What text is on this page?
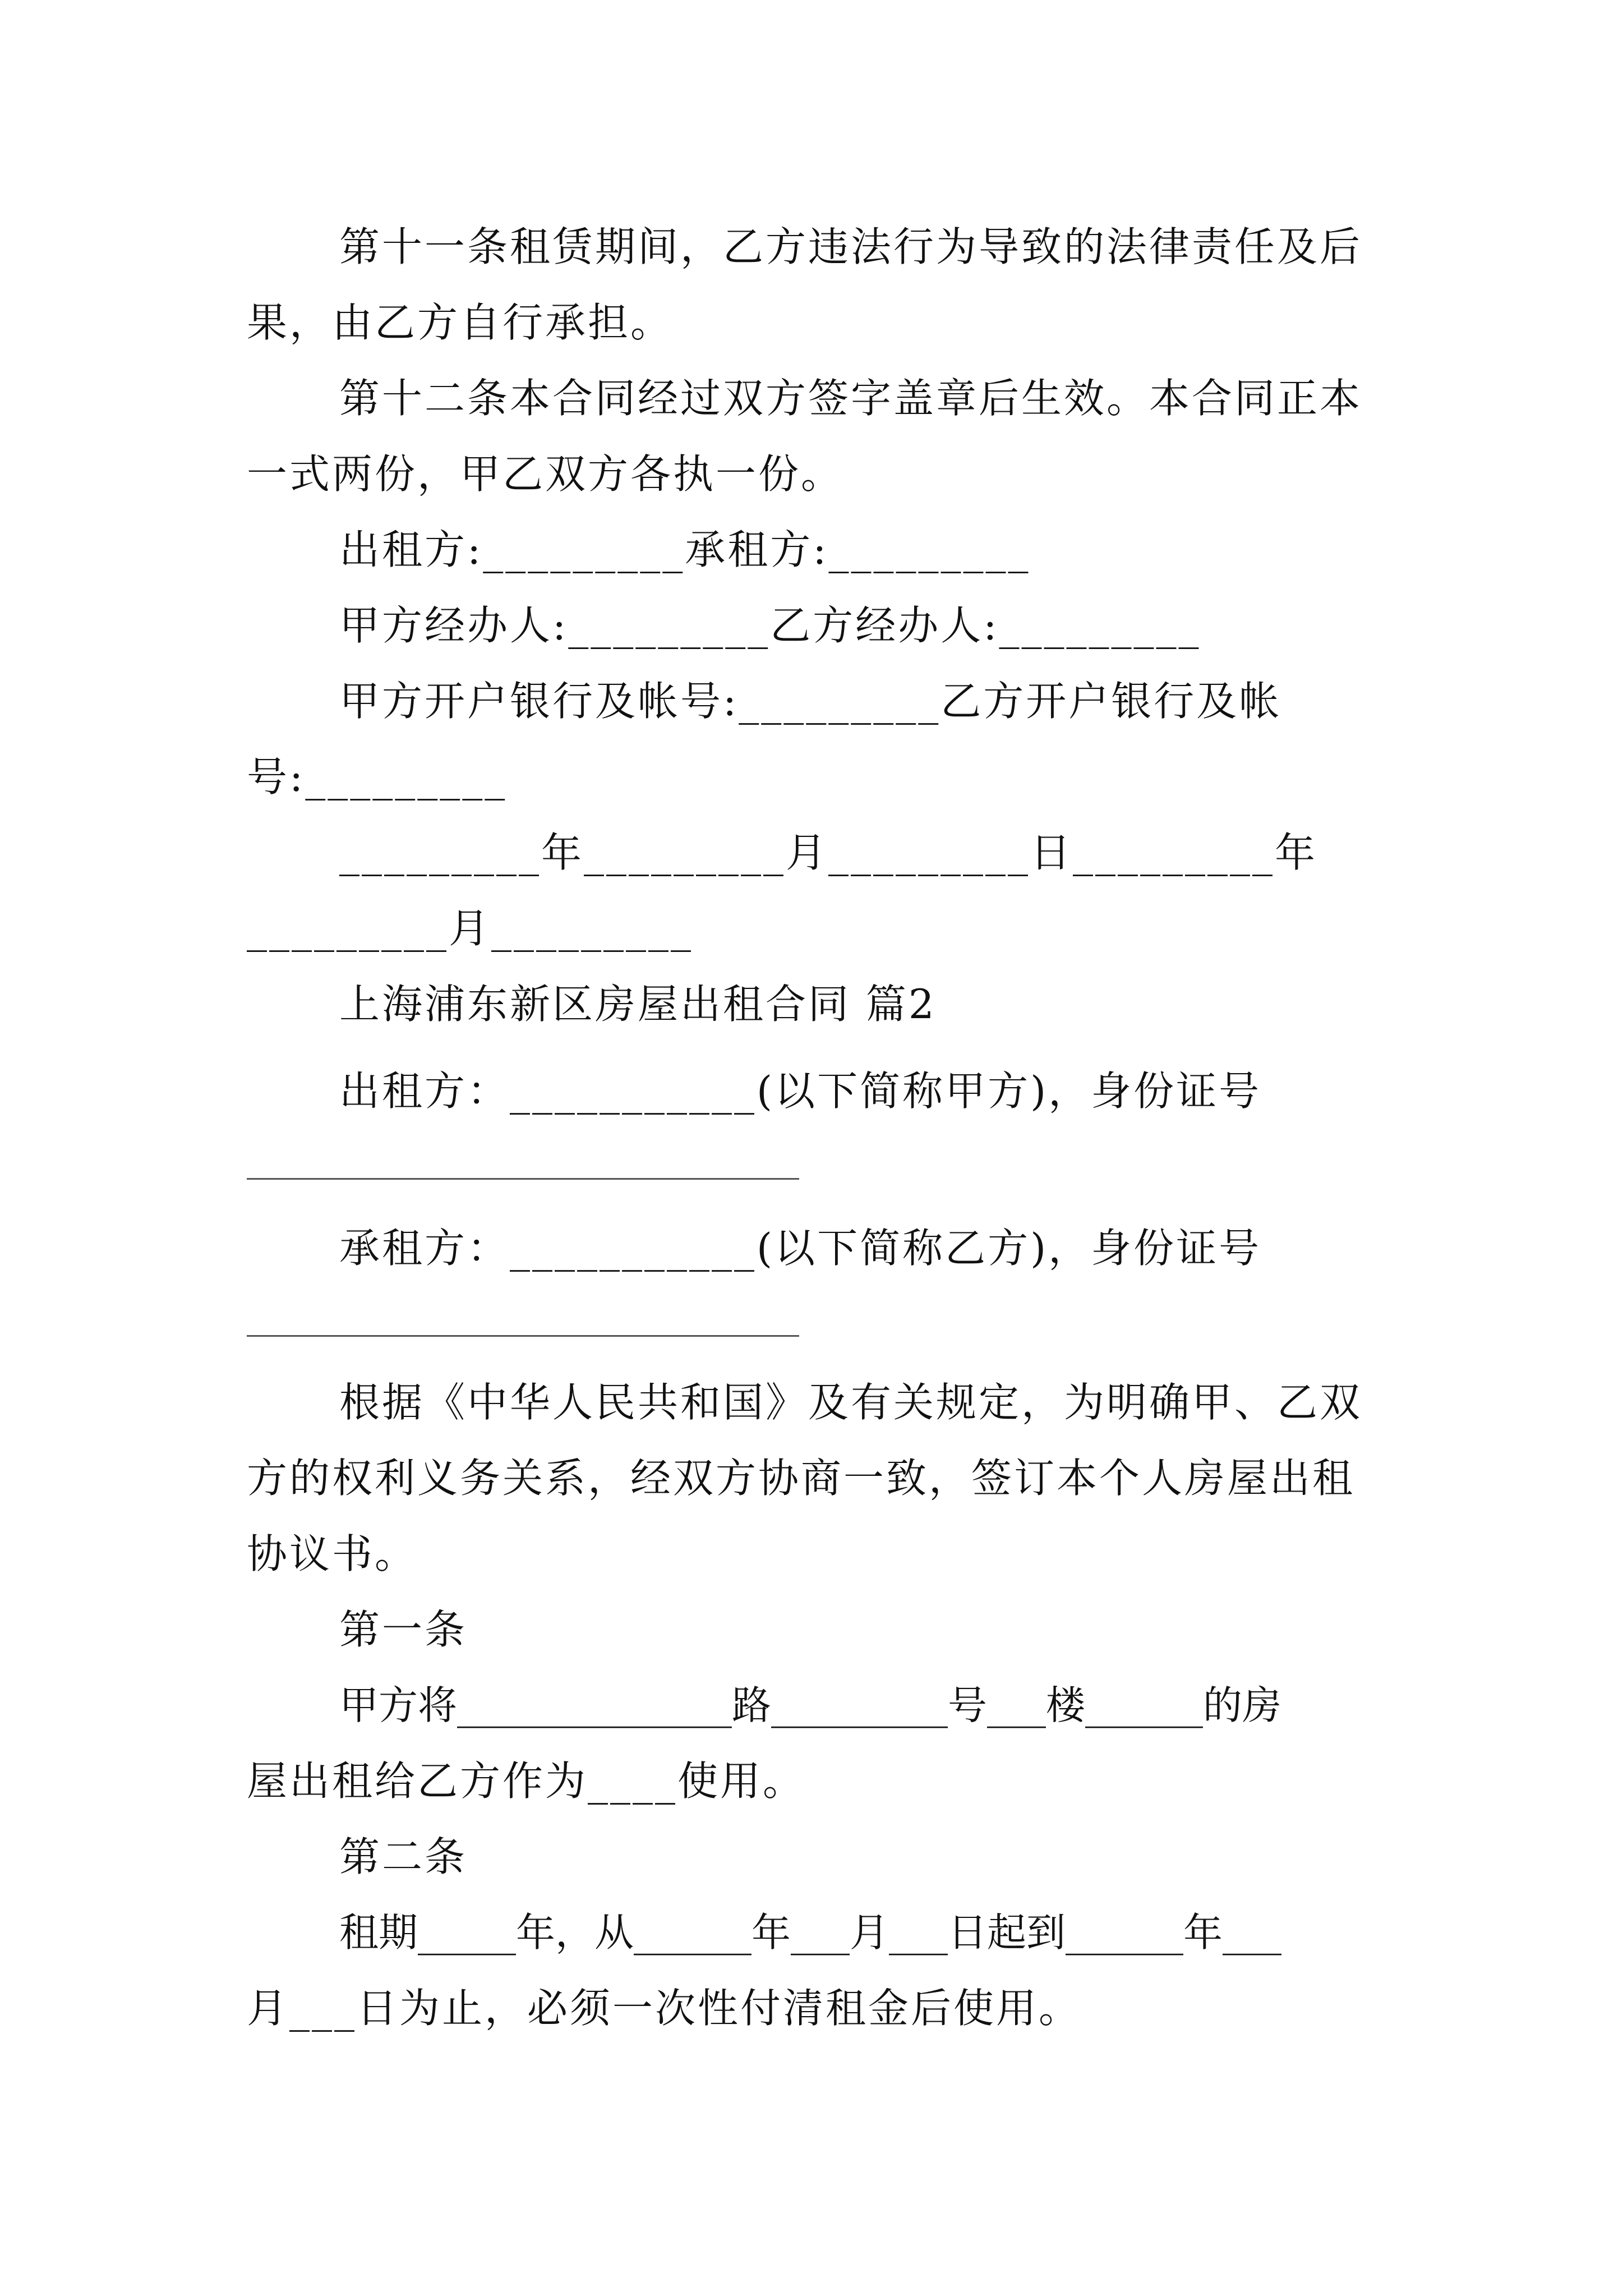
第十一条租赁期间，乙方违法行为导致的法律责任及后
果，由乙方自行承担。
第十二条本合同经过双方签字盖章后生效。本合同正本
一式两份，甲乙双方各执一份。
出租方:_________承租方:_________
甲方经办人:_________乙方经办人:_________
甲方开户银行及帐号:_________乙方开户银行及帐
号:_________
_________年_________月_________日_________年
_________月_________
上海浦东新区房屋出租合同 篇2
出租方：___________(以下简称甲方)，身份证号
承租方：___________(以下简称乙方)，身份证号
根据《中华人民共和国》及有关规定，为明确甲、乙双
方的权利义务关系，经双方协商一致，签订本个人房屋出租
协议书。
第一条
甲方将______________路_________号___楼______的房
屋出租给乙方作为____使用。
第二条
租期_____年，从______年___月___日起到______年___
月___日为止，必须一次性付清租金后使用。
